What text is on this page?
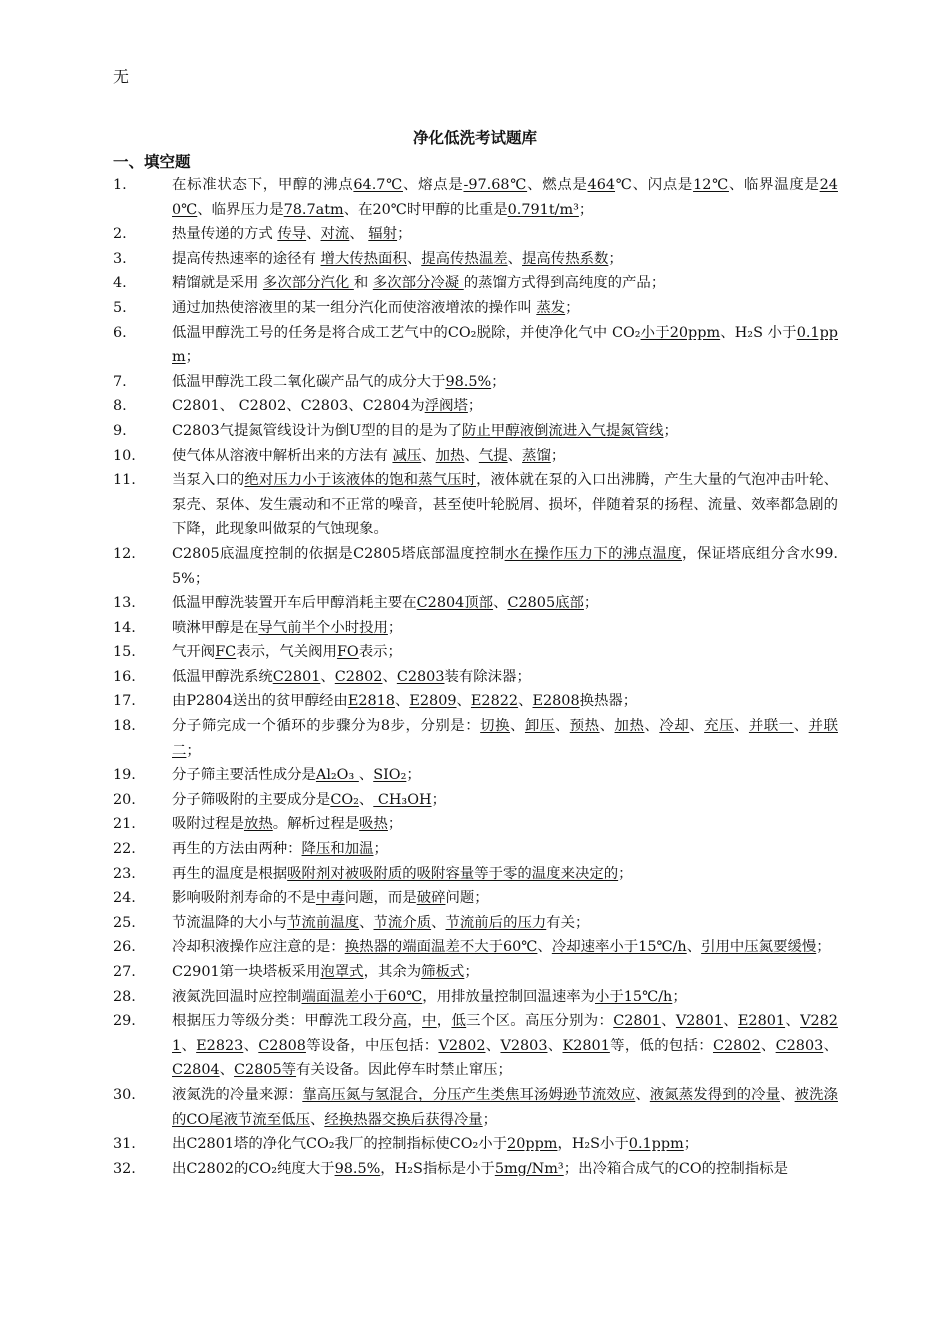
无
净化低洗考试题库
一、填空题
1.	在标准状态下，甲醇的沸点64.7℃、熔点是-97.68℃、燃点是464℃、闪点是12℃、临界温度是240℃、临界压力是78.7atm、在20℃时甲醇的比重是0.791t/m³；
2.	热量传递的方式 传导、对流、 辐射；
3.	提高传热速率的途径有 增大传热面积、提高传热温差、提高传热系数；
4.	精馏就是采用 多次部分汽化 和 多次部分冷凝 的蒸馏方式得到高纯度的产品；
5.	通过加热使溶液里的某一组分汽化而使溶液增浓的操作叫 蒸发；
6.	低温甲醇洗工号的任务是将合成工艺气中的CO₂脱除，并使净化气中 CO₂小于20ppm、H₂S 小于0.1ppm；
7.	低温甲醇洗工段二氧化碳产品气的成分大于98.5%；
8.	C2801、 C2802、C2803、C2804为浮阀塔；
9.	C2803气提氮管线设计为倒U型的目的是为了防止甲醇液倒流进入气提氮管线；
10.	使气体从溶液中解析出来的方法有 减压、加热、气提、蒸馏；
11.	当泵入口的绝对压力小于该液体的饱和蒸气压时，液体就在泵的入口出沸腾，产生大量的气泡冲击叶轮、泵壳、泵体、发生震动和不正常的噪音，甚至使叶轮脱屑、损坏，伴随着泵的扬程、流量、效率都急剧的下降，此现象叫做泵的气蚀现象。
12.	C2805底温度控制的依据是C2805塔底部温度控制水在操作压力下的沸点温度，保证塔底组分含水99.5%；
13.	低温甲醇洗装置开车后甲醇消耗主要在C2804顶部、C2805底部；
14.	喷淋甲醇是在导气前半个小时投用；
15.	气开阀FC表示，气关阀用FO表示；
16.	低温甲醇洗系统C2801、C2802、C2803装有除沫器；
17.	由P2804送出的贫甲醇经由E2818、E2809、E2822、E2808换热器；
18.	分子筛完成一个循环的步骤分为8步，分别是：切换、卸压、预热、加热、冷却、充压、并联一、并联二；
19.	分子筛主要活性成分是Al₂O₃ 、SIO₂；
20.	分子筛吸附的主要成分是CO₂、 CH₃OH；
21.	吸附过程是放热。解析过程是吸热；
22.	再生的方法由两种：降压和加温；
23.	再生的温度是根据吸附剂对被吸附质的吸附容量等于零的温度来决定的；
24.	影响吸附剂寿命的不是中毒问题，而是破碎问题；
25.	节流温降的大小与节流前温度、节流介质、节流前后的压力有关；
26.	冷却积液操作应注意的是：换热器的端面温差不大于60℃、冷却速率小于15℃/h、引用中压氮要缓慢；
27.	C2901第一块塔板采用泡罩式，其余为筛板式；
28.	液氮洗回温时应控制端面温差小于60℃，用排放量控制回温速率为小于15℃/h；
29.	根据压力等级分类：甲醇洗工段分高，中，低三个区。高压分别为：C2801、V2801、E2801、V2821、E2823、C2808等设备，中压包括：V2802、V2803、K2801等，低的包括：C2802、C2803、C2804、C2805等有关设备。因此停车时禁止窜压；
30.	液氮洗的冷量来源：靠高压氮与氢混合，分压产生类焦耳汤姆逊节流效应、液氮蒸发得到的冷量、被洗涤的CO尾液节流至低压、经换热器交换后获得冷量；
31.	出C2801塔的净化气CO₂我厂的控制指标使CO₂小于20ppm，H₂S小于0.1ppm；
32.	出C2802的CO₂纯度大于98.5%，H₂S指标是小于5mg/Nm³；出冷箱合成气的CO的控制指标是
